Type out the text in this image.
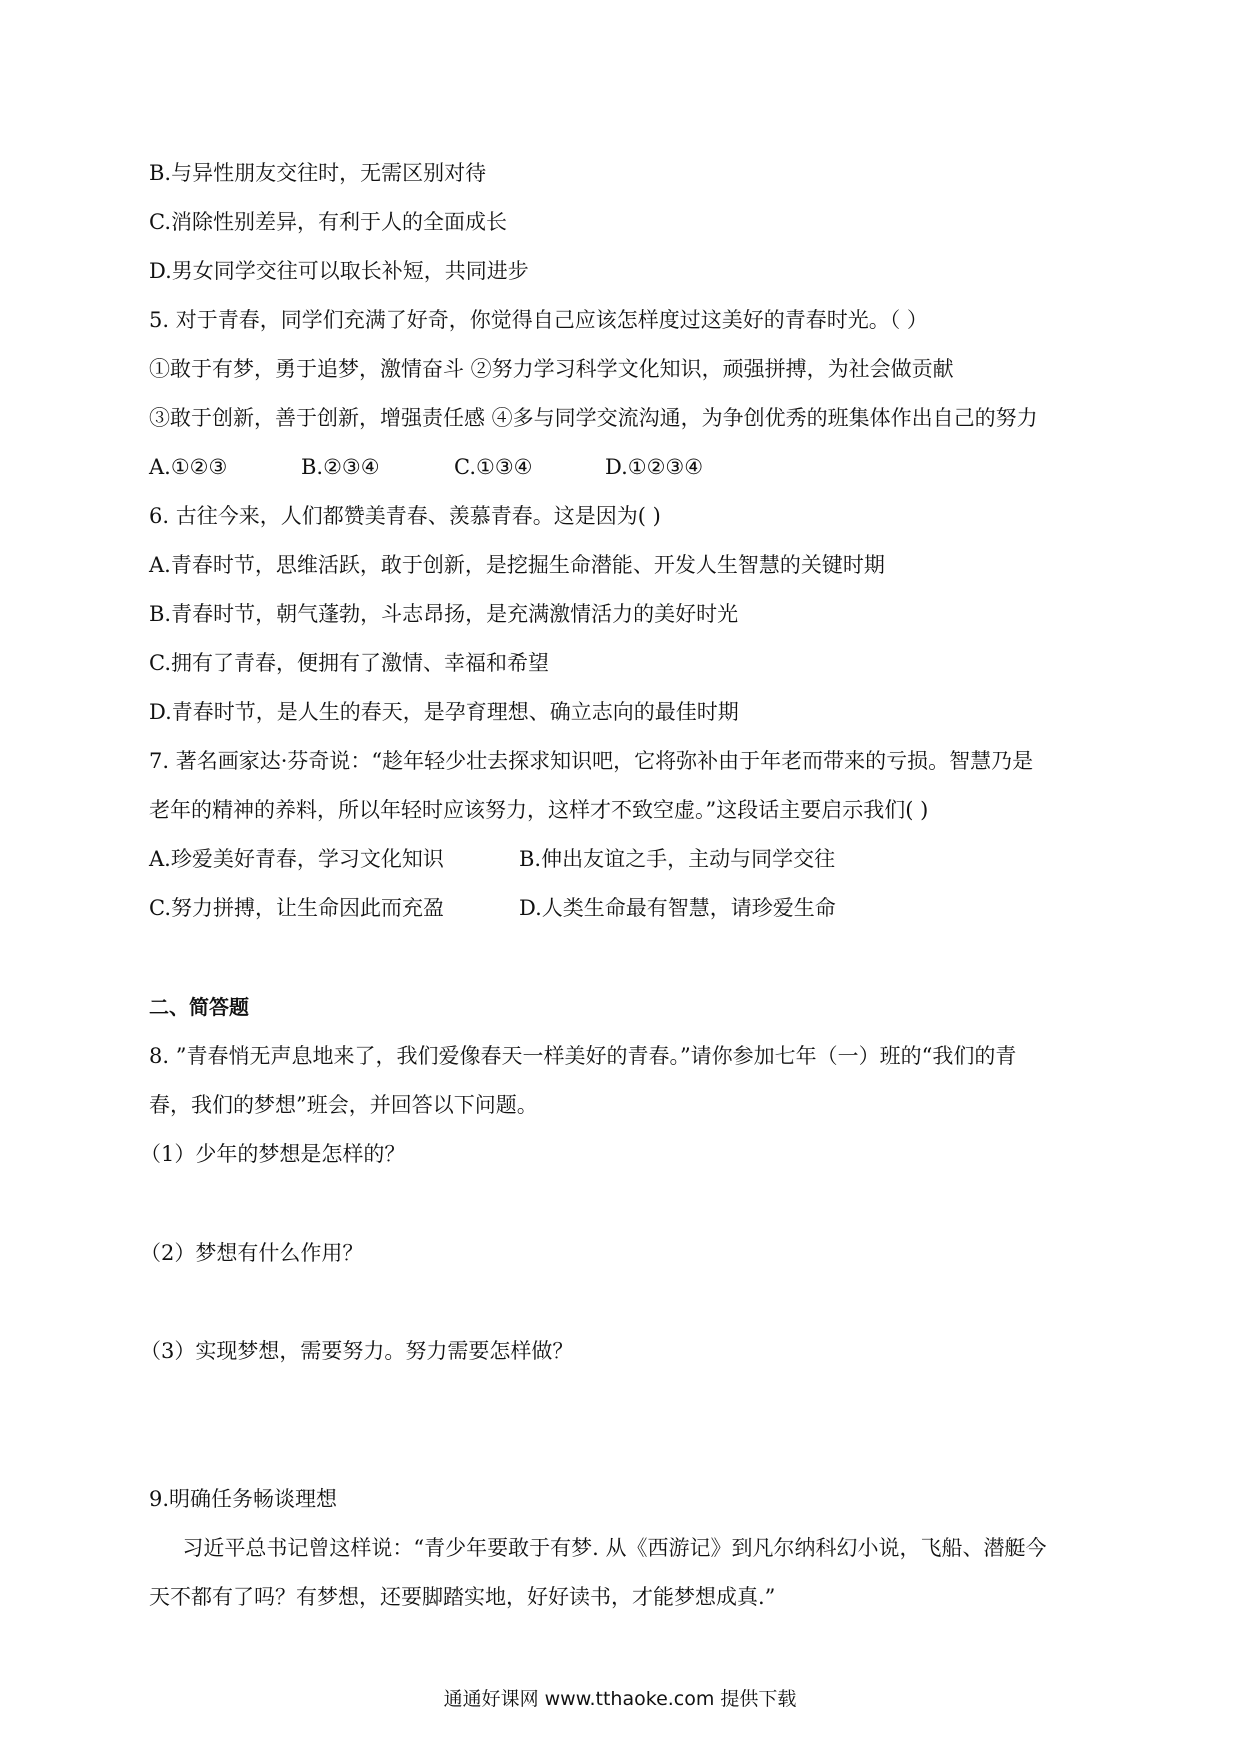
B.与异性朋友交往时，无需区别对待
C.消除性别差异，有利于人的全面成长
D.男女同学交往可以取长补短，共同进步
5. 对于青春，同学们充满了好奇，你觉得自己应该怎样度过这美好的青春时光。（ ）
①敢于有梦，勇于追梦，激情奋斗 ②努力学习科学文化知识，顽强拼搏，为社会做贡献
③敢于创新，善于创新，增强责任感 ④多与同学交流沟通，为争创优秀的班集体作出自己的努力
A.①②③	B.②③④	C.①③④	D.①②③④
6. 古往今来，人们都赞美青春、羡慕青春。这是因为( )
A.青春时节，思维活跃，敢于创新，是挖掘生命潜能、开发人生智慧的关键时期
B.青春时节，朝气蓬勃，斗志昂扬，是充满激情活力的美好时光
C.拥有了青春，便拥有了激情、幸福和希望
D.青春时节，是人生的春天，是孕育理想、确立志向的最佳时期
7. 著名画家达·芬奇说：“趁年轻少壮去探求知识吧，它将弥补由于年老而带来的亏损。智慧乃是
老年的精神的养料，所以年轻时应该努力，这样才不致空虚。”这段话主要启示我们( )
A.珍爱美好青春，学习文化知识	B.伸出友谊之手，主动与同学交往
C.努力拼搏，让生命因此而充盈	D.人类生命最有智慧，请珍爱生命
二、简答题
8. ”青春悄无声息地来了，我们爱像春天一样美好的青春。”请你参加七年（一）班的“我们的青
春，我们的梦想”班会，并回答以下问题。
（1）少年的梦想是怎样的？
（2）梦想有什么作用？
（3）实现梦想，需要努力。努力需要怎样做？
9.明确任务畅谈理想
习近平总书记曾这样说：“青少年要敢于有梦. 从《西游记》到凡尔纳科幻小说，飞船、潜艇今
天不都有了吗？有梦想，还要脚踏实地，好好读书，才能梦想成真.”
通通好课网 www.tthaoke.com 提供下载
